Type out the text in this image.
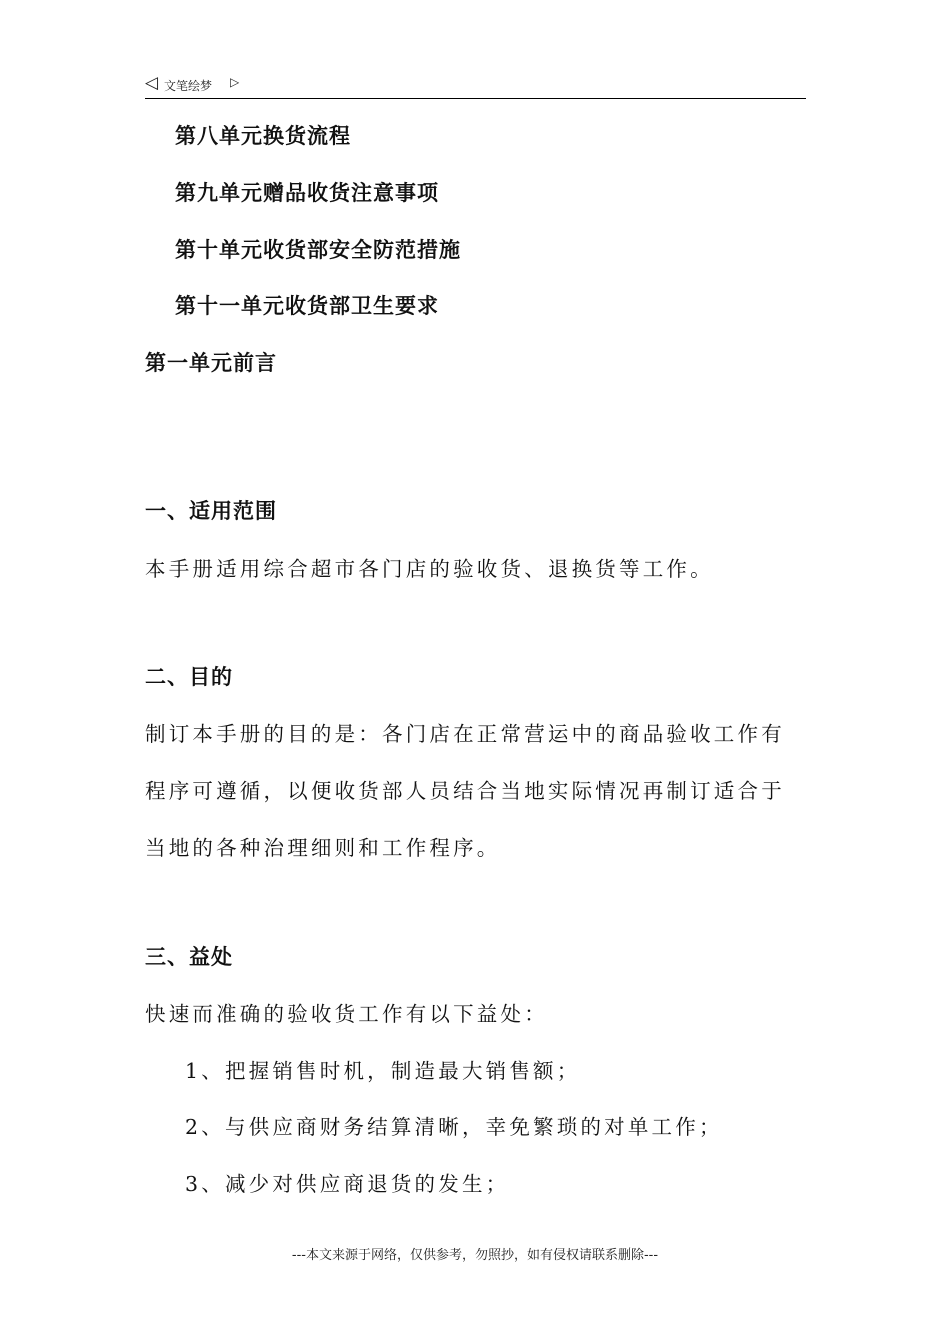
◁ 文笔绘梦 ▷
第八单元换货流程
第九单元赠品收货注意事项
第十单元收货部安全防范措施
第十一单元收货部卫生要求
第一单元前言
一、适用范围
本手册适用综合超市各门店的验收货、退换货等工作。
二、目的
制订本手册的目的是：各门店在正常营运中的商品验收工作有
程序可遵循，以便收货部人员结合当地实际情况再制订适合于
当地的各种治理细则和工作程序。
三、益处
快速而准确的验收货工作有以下益处：
1、把握销售时机，制造最大销售额；
2、与供应商财务结算清晰，幸免繁琐的对单工作；
3、减少对供应商退货的发生；
---本文来源于网络，仅供参考，勿照抄，如有侵权请联系删除---
